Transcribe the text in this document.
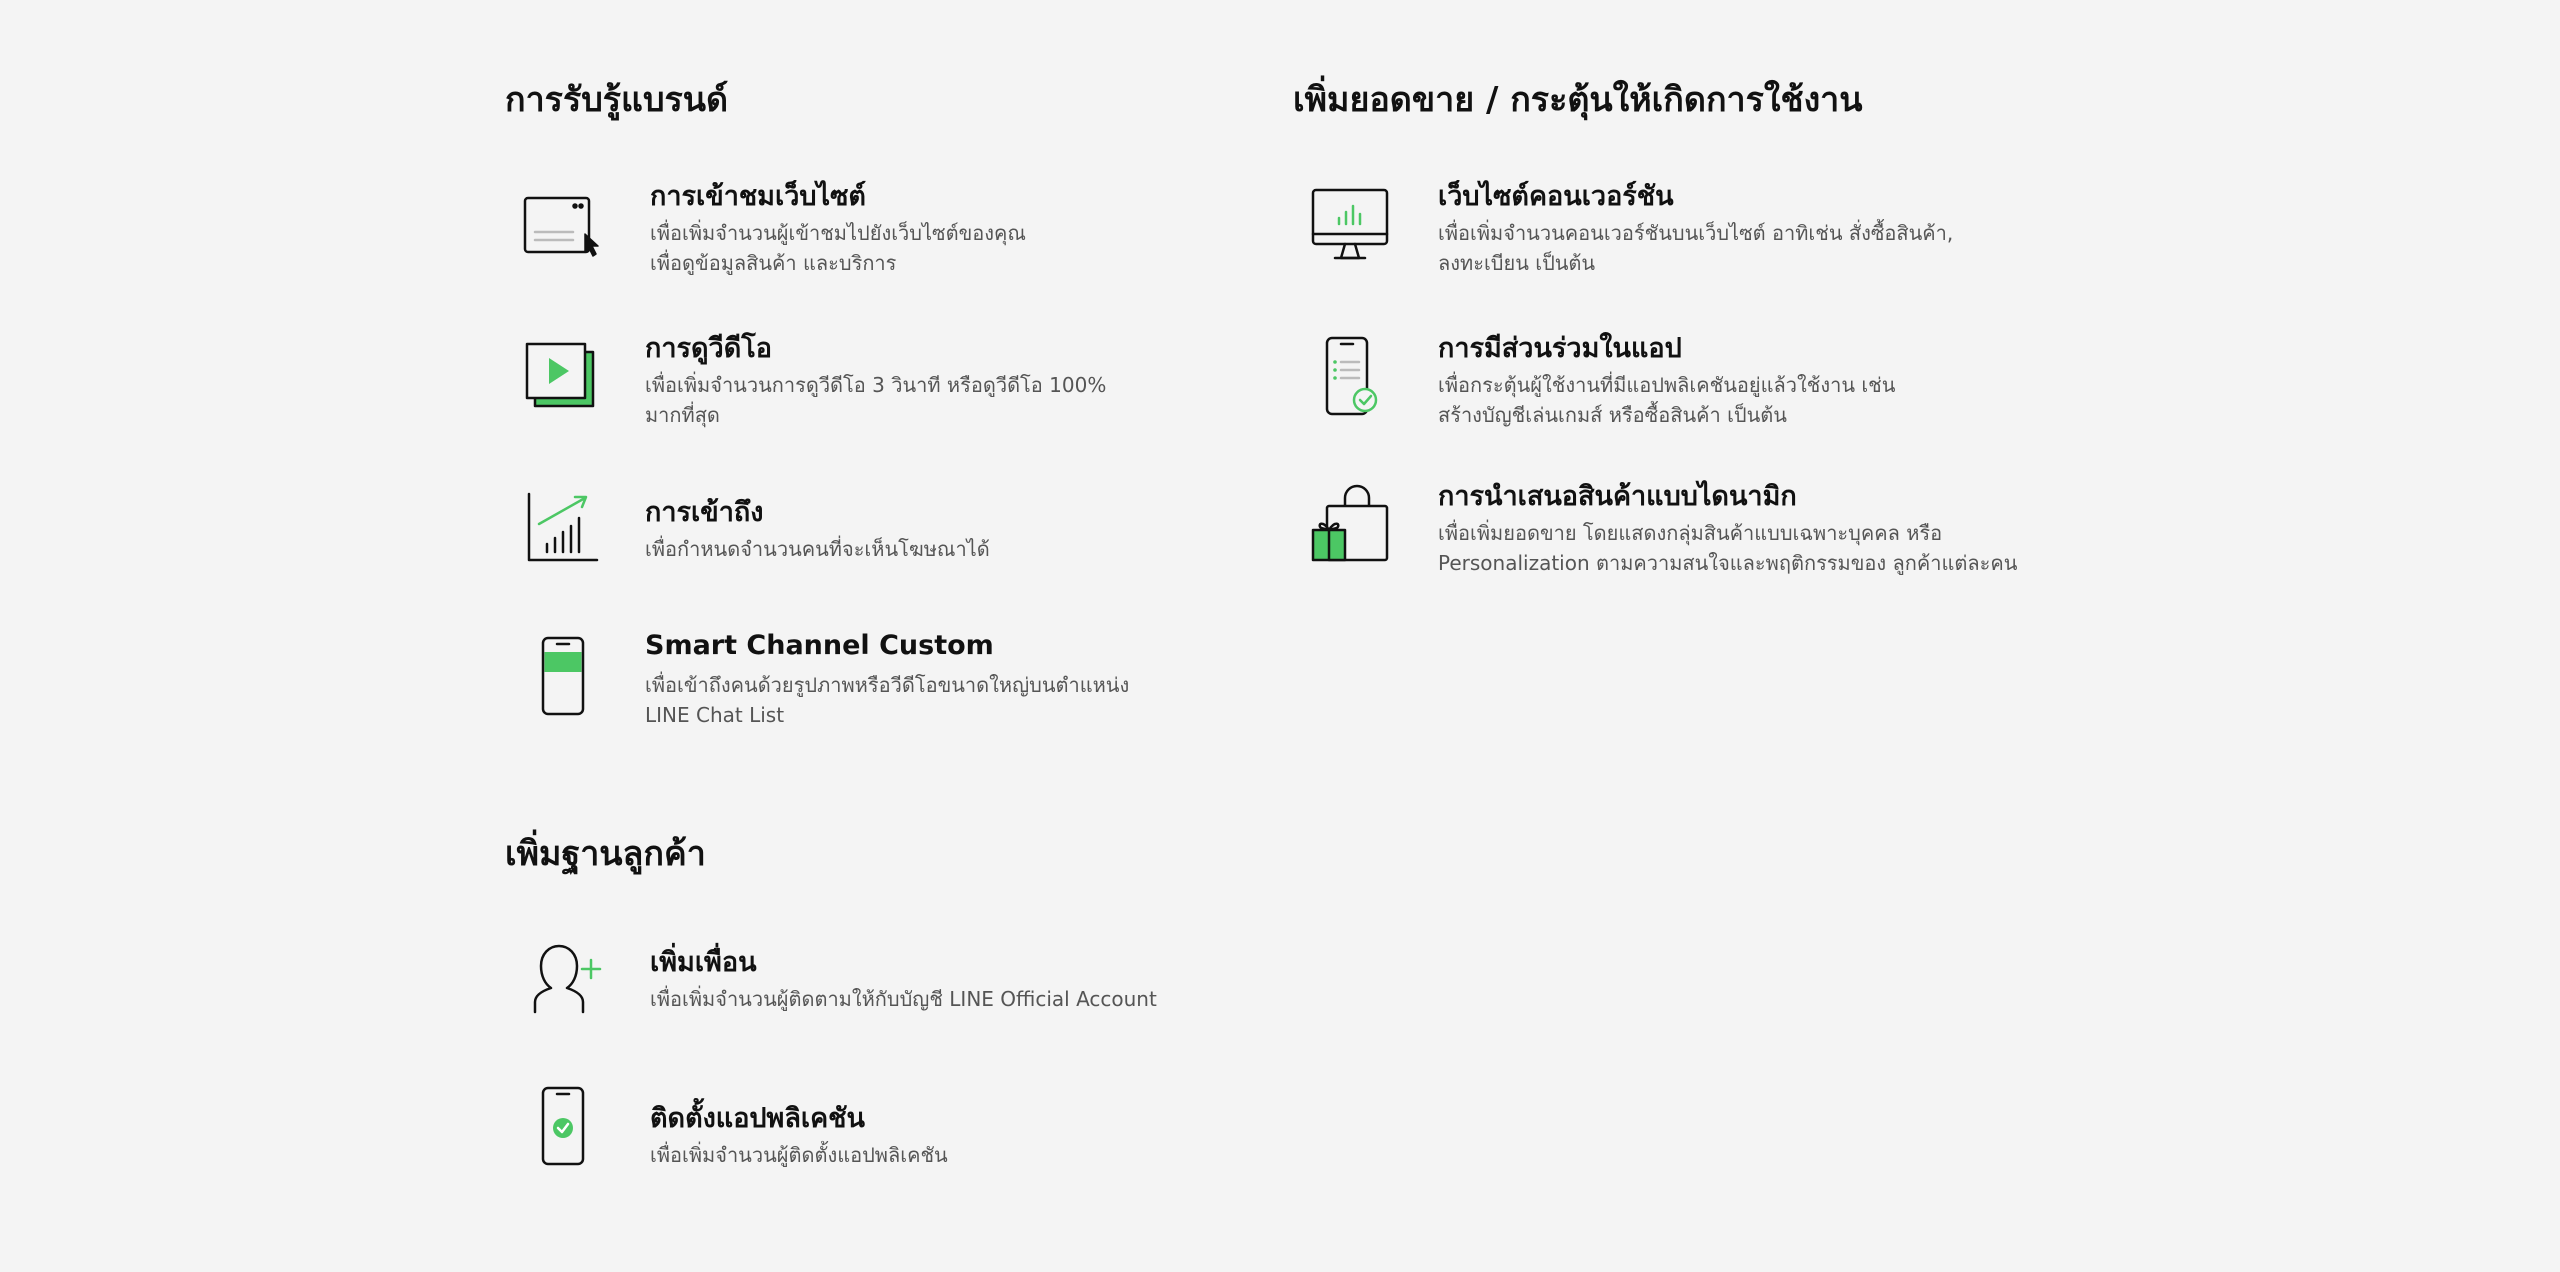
การรับรู้แบรนด์
การเข้าชมเว็บไซต์
เพื่อเพิ่มจำนวนผู้เข้าชมไปยังเว็บไซต์ของคุณ
เพื่อดูข้อมูลสินค้า และบริการ
การดูวีดีโอ
เพื่อเพิ่มจำนวนการดูวีดีโอ 3 วินาที หรือดูวีดีโอ 100%
มากที่สุด
การเข้าถึง
เพื่อกำหนดจำนวนคนที่จะเห็นโฆษณาได้
Smart Channel Custom
เพื่อเข้าถึงคนด้วยรูปภาพหรือวีดีโอขนาดใหญ่บนตำแหน่ง
LINE Chat List
เพิ่มยอดขาย / กระตุ้นให้เกิดการใช้งาน
เว็บไซต์คอนเวอร์ชัน
เพื่อเพิ่มจำนวนคอนเวอร์ชันบนเว็บไซต์ อาทิเช่น สั่งซื้อสินค้า,
ลงทะเบียน เป็นต้น
การมีส่วนร่วมในแอป
เพื่อกระตุ้นผู้ใช้งานที่มีแอปพลิเคชันอยู่แล้วใช้งาน เช่น
สร้างบัญชีเล่นเกมส์ หรือซื้อสินค้า เป็นต้น
การนำเสนอสินค้าแบบไดนามิก
เพื่อเพิ่มยอดขาย โดยแสดงกลุ่มสินค้าแบบเฉพาะบุคคล หรือ
Personalization ตามความสนใจและพฤติกรรมของ ลูกค้าแต่ละคน
เพิ่มฐานลูกค้า
เพิ่มเพื่อน
เพื่อเพิ่มจำนวนผู้ติดตามให้กับบัญชี LINE Official Account
ติดตั้งแอปพลิเคชัน
เพื่อเพิ่มจำนวนผู้ติดตั้งแอปพลิเคชัน
